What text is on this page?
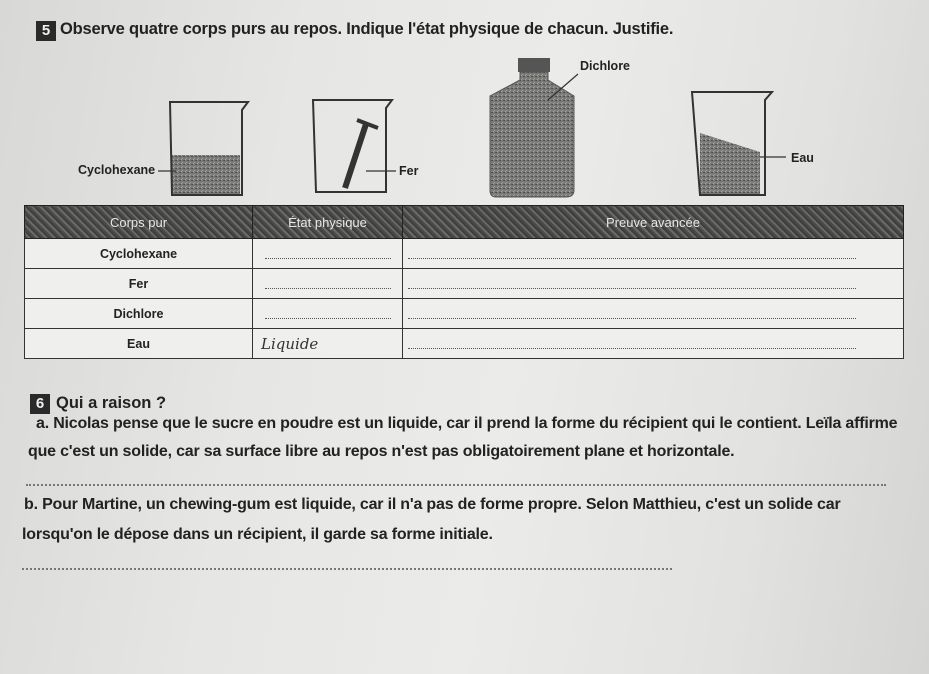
5 Observe quatre corps purs au repos. Indique l'état physique de chacun. Justifie.
Cyclohexane	Fer
Dichlore
Eau
Corps pur	État physique	Preuve avancée
Cyclohexane		
Fer		
Dichlore		
Eau	Liquide	
6 Qui a raison ?
a. Nicolas pense que le sucre en poudre est un liquide, car il prend la forme du récipient qui le contient. Leïla affirme
que c'est un solide, car sa surface libre au repos n'est pas obligatoirement plane et horizontale.
b. Pour Martine, un chewing-gum est liquide, car il n'a pas de forme propre. Selon Matthieu, c'est un solide car
lorsqu'on le dépose dans un récipient, il garde sa forme initiale.
